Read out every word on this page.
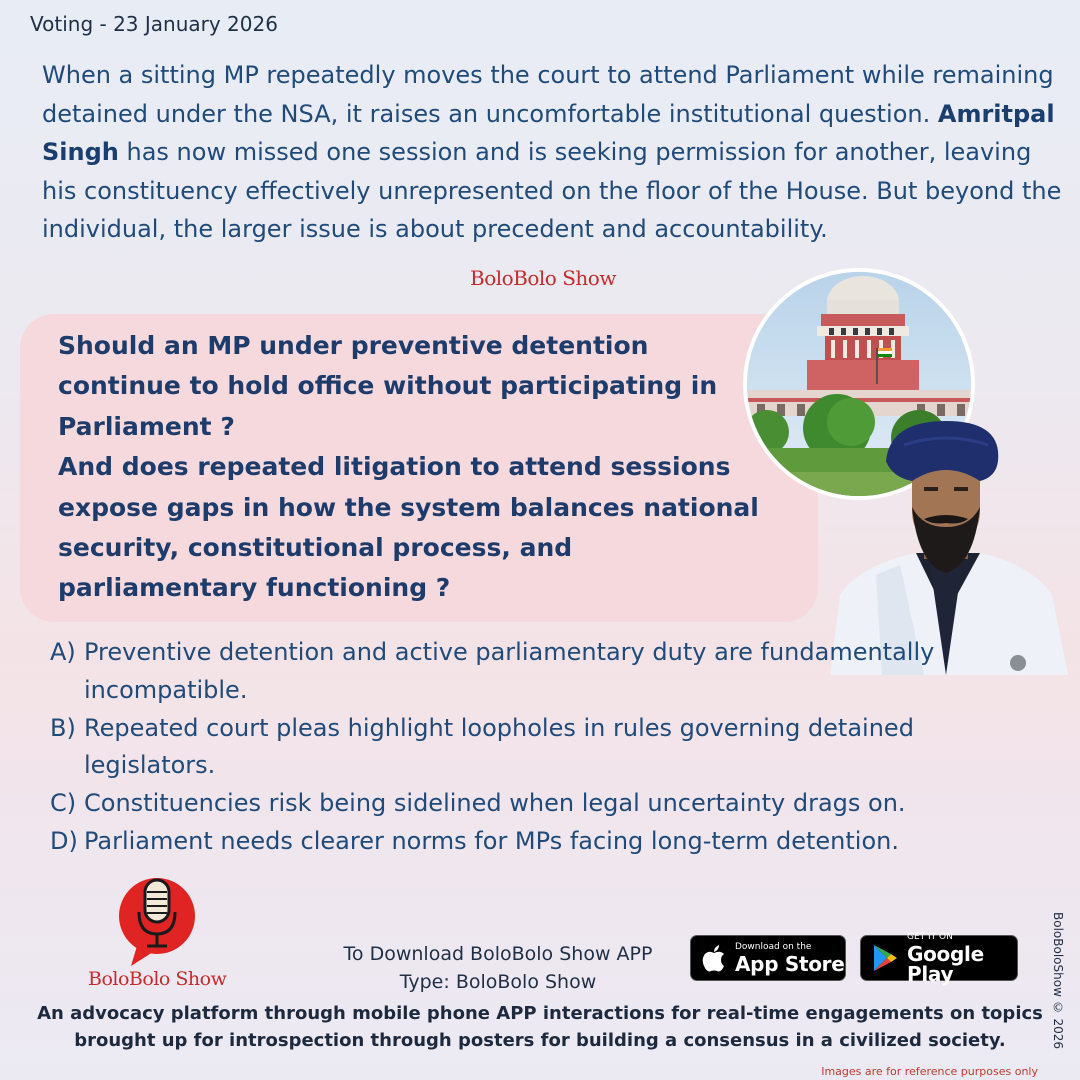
Voting - 23 January 2026
When a sitting MP repeatedly moves the court to attend Parliament while remaining detained under the NSA, it raises an uncomfortable institutional question. Amritpal Singh has now missed one session and is seeking permission for another, leaving his constituency effectively unrepresented on the floor of the House. But beyond the individual, the larger issue is about precedent and accountability.
BoloBolo Show

Should an MP under preventive detention continue to hold office without participating in Parliament ?

And does repeated litigation to attend sessions expose gaps in how the system balances national security, constitutional process, and parliamentary functioning ?

A) Preventive detention and active parliamentary duty are fundamentally incompatible.
B) Repeated court pleas highlight loopholes in rules governing detained legislators.
C) Constituencies risk being sidelined when legal uncertainty drags on.
D) Parliament needs clearer norms for MPs facing long-term detention.
BoloBolo Show
To Download BoloBolo Show APP
Type: BoloBolo Show
Download on the
App Store
GET IT ON
Google Play
An advocacy platform through mobile phone APP interactions for real-time engagements on topics brought up for introspection through posters for building a consensus in a civilized society.	BoloBoloShow © 2026
Images are for reference purposes only
